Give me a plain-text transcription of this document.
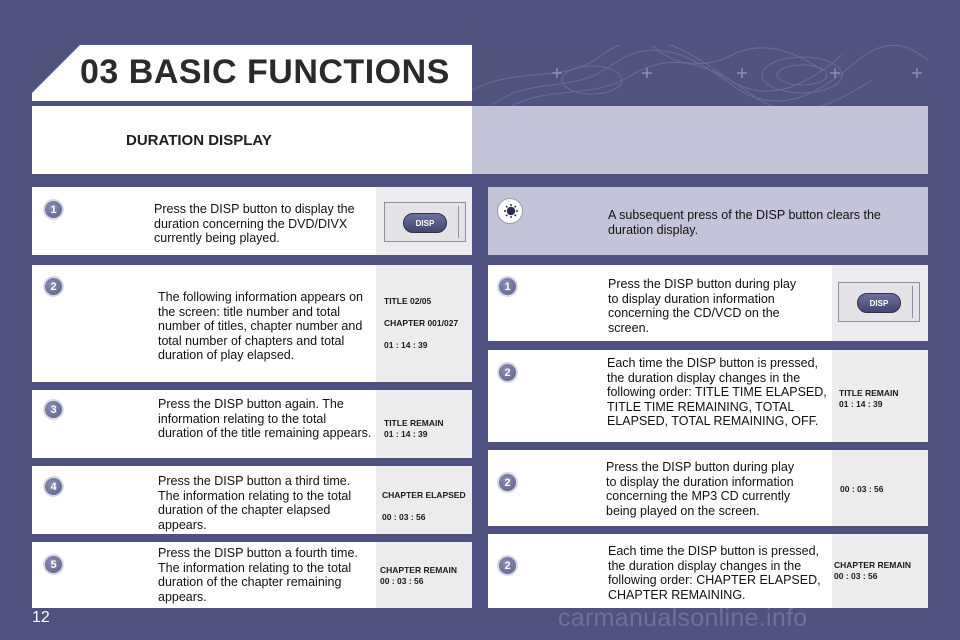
03 BASIC FUNCTIONS
DURATION DISPLAY
Press the DISP button to display the duration concerning the DVD/DIVX currently being played.
DISP
1
The following information appears on the screen: title number and total number of titles, chapter number and total number of chapters and total duration of play elapsed.
TITLE 02/05
CHAPTER 001/027
01 : 14 : 39
2
Press the DISP button again. The information relating to the total duration of the title remaining appears.
TITLE REMAIN
01 : 14 : 39
3
Press the DISP button a third time. The information relating to the total duration of the chapter elapsed appears.
CHAPTER ELAPSED
00 : 03 : 56
4
Press the DISP button a fourth time. The information relating to the total duration of the chapter remaining appears.
CHAPTER REMAIN
00 : 03 : 56
5
A subsequent press of the DISP button clears the duration display.
Press the DISP button during play to display duration information concerning the CD/VCD on the screen.
DISP
1
Each time the DISP button is pressed, the duration display changes in the following order: TITLE TIME ELAPSED, TITLE TIME REMAINING, TOTAL ELAPSED, TOTAL REMAINING, OFF.
TITLE REMAIN
01 : 14 : 39
2
Press the DISP button during play to display the duration information concerning the MP3 CD currently being played on the screen.
00 : 03 : 56
2
Each time the DISP button is pressed, the duration display changes in the following order: CHAPTER ELAPSED, CHAPTER REMAINING.
CHAPTER REMAIN
00 : 03 : 56
2
12	carmanualsonline.info
